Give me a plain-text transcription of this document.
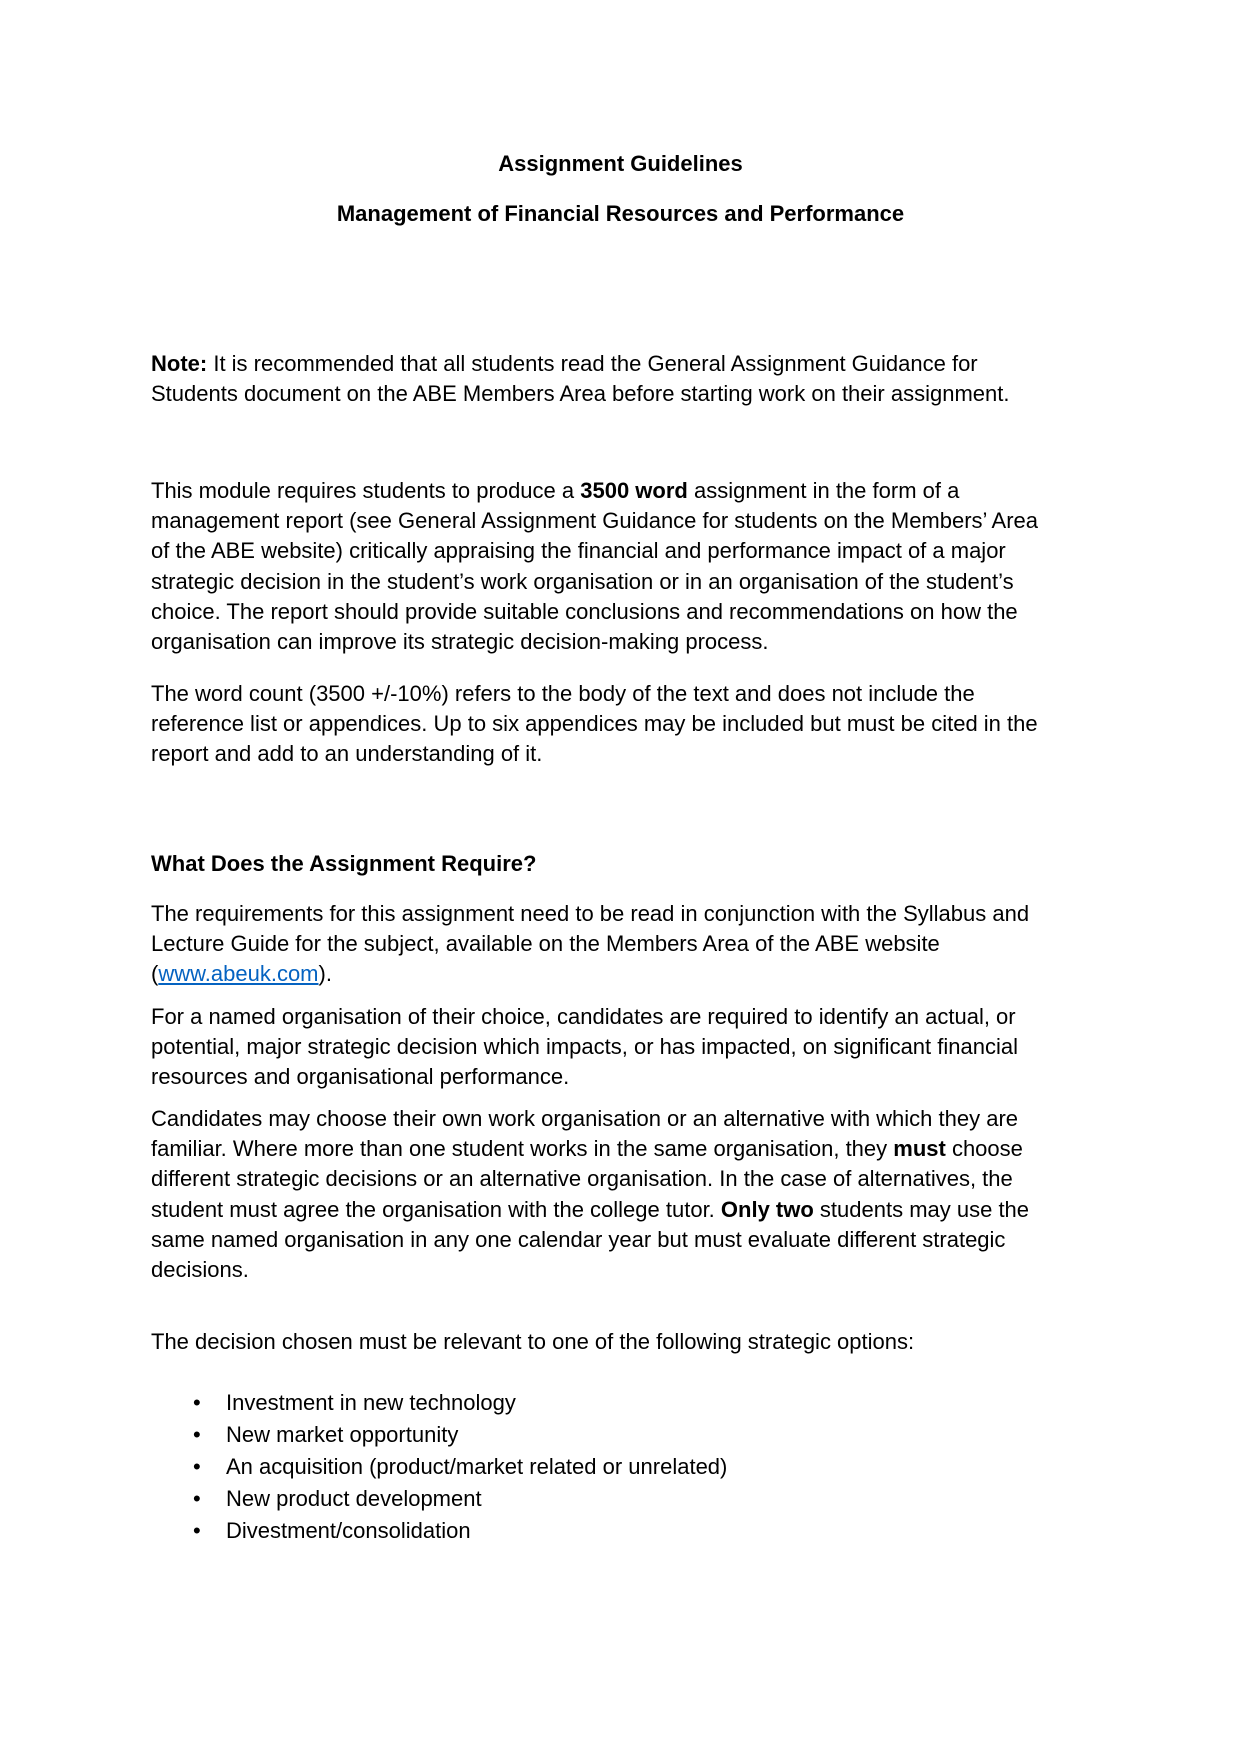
Assignment Guidelines
Management of Financial Resources and Performance

Note: It is recommended that all students read the General Assignment Guidance for
Students document on the ABE Members Area before starting work on their assignment.

This module requires students to produce a 3500 word assignment in the form of a
management report (see General Assignment Guidance for students on the Members’ Area
of the ABE website) critically appraising the financial and performance impact of a major
strategic decision in the student’s work organisation or in an organisation of the student’s
choice. The report should provide suitable conclusions and recommendations on how the
organisation can improve its strategic decision-making process.

The word count (3500 +/-10%) refers to the body of the text and does not include the
reference list or appendices. Up to six appendices may be included but must be cited in the
report and add to an understanding of it.

What Does the Assignment Require?

The requirements for this assignment need to be read in conjunction with the Syllabus and
Lecture Guide for the subject, available on the Members Area of the ABE website
(www.abeuk.com).

For a named organisation of their choice, candidates are required to identify an actual, or
potential, major strategic decision which impacts, or has impacted, on significant financial
resources and organisational performance.

Candidates may choose their own work organisation or an alternative with which they are
familiar. Where more than one student works in the same organisation, they must choose
different strategic decisions or an alternative organisation. In the case of alternatives, the
student must agree the organisation with the college tutor. Only two students may use the
same named organisation in any one calendar year but must evaluate different strategic
decisions.

The decision chosen must be relevant to one of the following strategic options:

• Investment in new technology
• New market opportunity
• An acquisition (product/market related or unrelated)
• New product development
• Divestment/consolidation
